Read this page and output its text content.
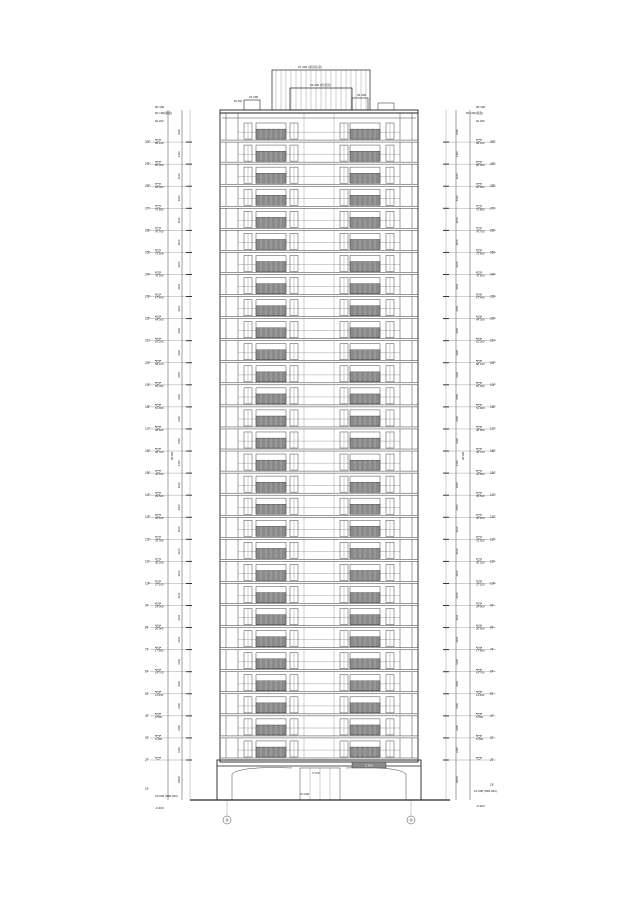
97.300 (屋顶标高)
94.200 (机房顶)
91.300	91.300
90.400
3.700
3.700
±0.000
⑭	①
90.400
90.100(屋面)
90100
30F
92.200
3100
29F
89.100
3100
28F
86.000
3100
27F
82.900
3100
26F
79.800
3100
25F
76.700
3100
24F
73.600
3100
23F
70.500
3100
22F
67.400
3100
21F
64.300
3100
20F
61.200
3100
19F
58.100
3100
18F
55.000
3100
17F
51.900
3100
16F
48.800
3100
15F
45.700
3100
14F
42.600
3100
13F
39.500
3100
12F
36.400
3100
11F
33.300
3100
10F
30.200
3100
9F
27.100
3100
8F
24.000
3100
7F
20.900
3100
6F
17.800
3100
5F
14.700
3100
4F
11.600
3100
3F
8.500
3100
2F
5.400
3100
1F
5400
±0.000 (598.400)
-0.300
90.400
90.100(屋面)
90100
30F
92.200
3100
29F
89.100
3100
28F
86.000
3100
27F
82.900
3100
26F
79.800
3100
25F
76.700
3100
24F
73.600
3100
23F
70.500
3100
22F
67.400
3100
21F
64.300
3100
20F
61.200
3100
19F
58.100
3100
18F
55.000
3100
17F
51.900
3100
16F
48.800
3100
15F
45.700
3100
14F
42.600
3100
13F
39.500
3100
12F
36.400
3100
11F
33.300
3100
10F
30.200
3100
9F
27.100
3100
8F
24.000
3100
7F
20.900
3100
6F
17.800
3100
5F
14.700
3100
4F
11.600
3100
3F
8.500
3100
2F
5.400
3100
1F
5400
±0.000 (598.400)
-0.300
